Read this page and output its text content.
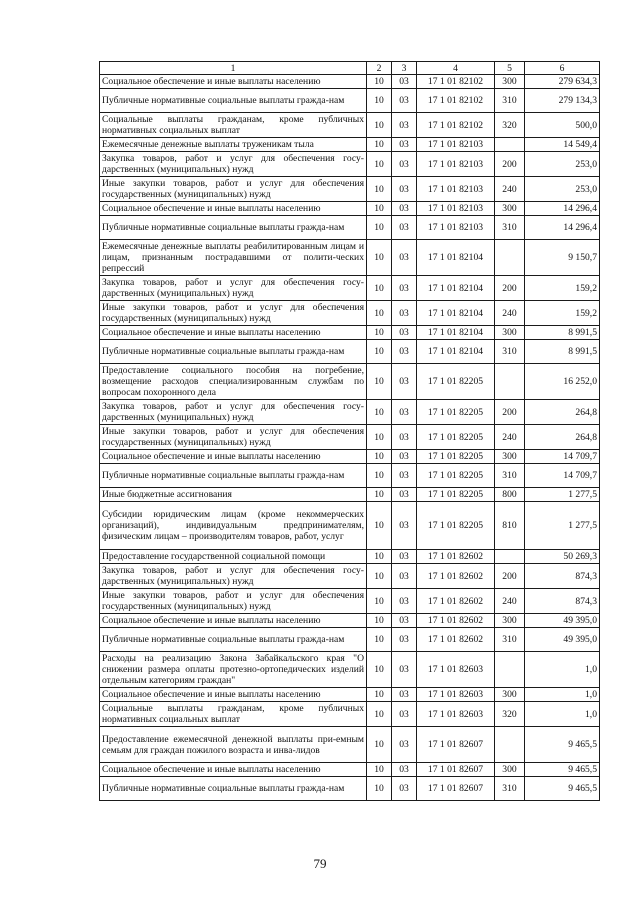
1	2	3	4	5	6
Социальное обеспечение и иные выплаты населению	10	03	17 1 01 82102	300	279 634,3
Публичные нормативные социальные выплаты гражда-нам	10	03	17 1 01 82102	310	279 134,3
Социальные выплаты гражданам, кроме публичных нормативных социальных выплат	10	03	17 1 01 82102	320	500,0
Ежемесячные денежные выплаты труженикам тыла	10	03	17 1 01 82103		14 549,4
Закупка товаров, работ и услуг для обеспечения госу-дарственных (муниципальных) нужд	10	03	17 1 01 82103	200	253,0
Иные закупки товаров, работ и услуг для обеспечения государственных (муниципальных) нужд	10	03	17 1 01 82103	240	253,0
Социальное обеспечение и иные выплаты населению	10	03	17 1 01 82103	300	14 296,4
Публичные нормативные социальные выплаты гражда-нам	10	03	17 1 01 82103	310	14 296,4
Ежемесячные денежные выплаты реабилитированным лицам и лицам, признанным пострадавшими от полити-ческих репрессий	10	03	17 1 01 82104		9 150,7
Закупка товаров, работ и услуг для обеспечения госу-дарственных (муниципальных) нужд	10	03	17 1 01 82104	200	159,2
Иные закупки товаров, работ и услуг для обеспечения государственных (муниципальных) нужд	10	03	17 1 01 82104	240	159,2
Социальное обеспечение и иные выплаты населению	10	03	17 1 01 82104	300	8 991,5
Публичные нормативные социальные выплаты гражда-нам	10	03	17 1 01 82104	310	8 991,5
Предоставление социального пособия на погребение, возмещение расходов специализированным службам по вопросам похоронного дела	10	03	17 1 01 82205		16 252,0
Закупка товаров, работ и услуг для обеспечения госу-дарственных (муниципальных) нужд	10	03	17 1 01 82205	200	264,8
Иные закупки товаров, работ и услуг для обеспечения государственных (муниципальных) нужд	10	03	17 1 01 82205	240	264,8
Социальное обеспечение и иные выплаты населению	10	03	17 1 01 82205	300	14 709,7
Публичные нормативные социальные выплаты гражда-нам	10	03	17 1 01 82205	310	14 709,7
Иные бюджетные ассигнования	10	03	17 1 01 82205	800	1 277,5
Субсидии юридическим лицам (кроме некоммерческих организаций), индивидуальным предпринимателям, физическим лицам – производителям товаров, работ, услуг	10	03	17 1 01 82205	810	1 277,5
Предоставление государственной социальной помощи	10	03	17 1 01 82602		50 269,3
Закупка товаров, работ и услуг для обеспечения госу-дарственных (муниципальных) нужд	10	03	17 1 01 82602	200	874,3
Иные закупки товаров, работ и услуг для обеспечения государственных (муниципальных) нужд	10	03	17 1 01 82602	240	874,3
Социальное обеспечение и иные выплаты населению	10	03	17 1 01 82602	300	49 395,0
Публичные нормативные социальные выплаты гражда-нам	10	03	17 1 01 82602	310	49 395,0
Расходы на реализацию Закона Забайкальского края "О снижении размера оплаты протезно-ортопедических изделий отдельным категориям граждан"	10	03	17 1 01 82603		1,0
Социальное обеспечение и иные выплаты населению	10	03	17 1 01 82603	300	1,0
Социальные выплаты гражданам, кроме публичных нормативных социальных выплат	10	03	17 1 01 82603	320	1,0
Предоставление ежемесячной денежной выплаты при-емным семьям для граждан пожилого возраста и инва-лидов	10	03	17 1 01 82607		9 465,5
Социальное обеспечение и иные выплаты населению	10	03	17 1 01 82607	300	9 465,5
Публичные нормативные социальные выплаты гражда-нам	10	03	17 1 01 82607	310	9 465,5
79
